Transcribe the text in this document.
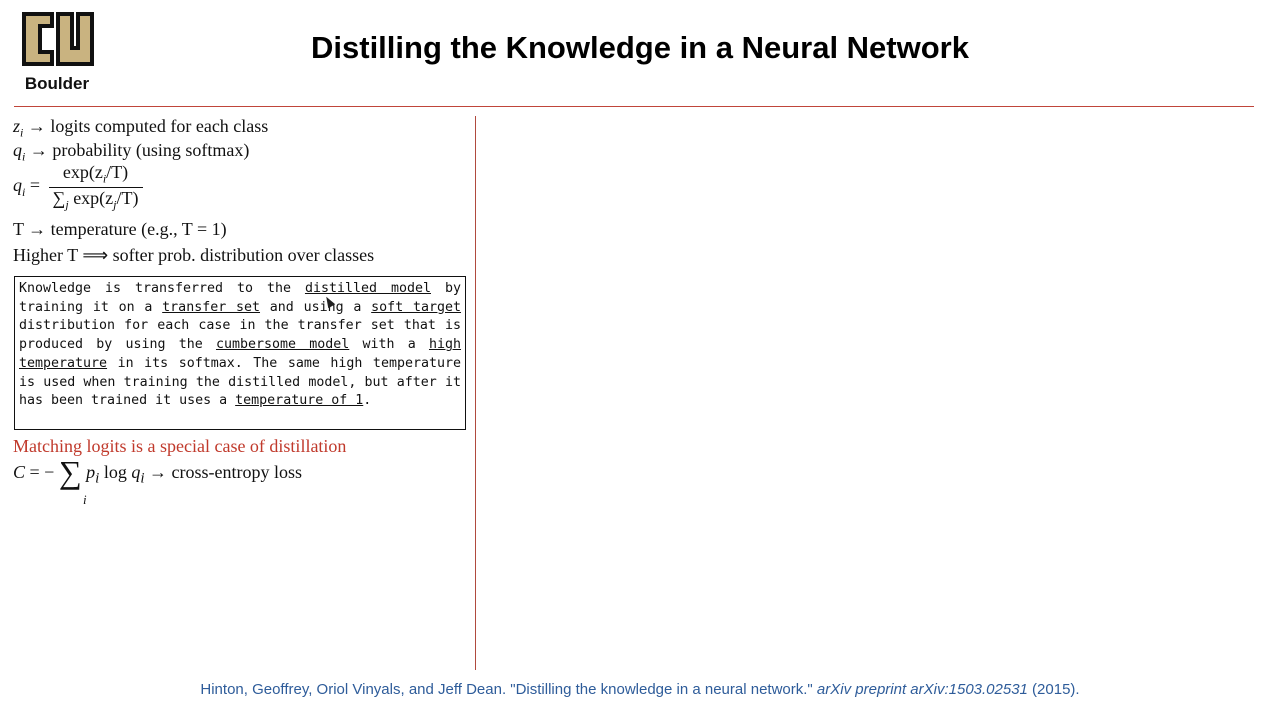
Boulder
Distilling the Knowledge in a Neural Network
$z_i$ → logits computed for each class
$q_i$ → probability (using softmax)
$q_i = \frac{\exp(z_i/T)}{\sum_j \exp(z_j/T)}$
T → temperature (e.g., T = 1)
Higher T ⟹ softer prob. distribution over classes
Knowledge is transferred to the distilled model by training it on a transfer set and using a soft target distribution for each case in the transfer set that is produced by using the cumbersome model with a high temperature in its softmax. The same high temperature is used when training the distilled model, but after it has been trained it uses a temperature of 1.
Matching logits is a special case of distillation
C = − ∑
i
$p_i$ $\log q_i$ → cross-entropy loss
Hinton, Geoffrey, Oriol Vinyals, and Jeff Dean. "Distilling the knowledge in a neural network." arXiv preprint arXiv:1503.02531 (2015).
